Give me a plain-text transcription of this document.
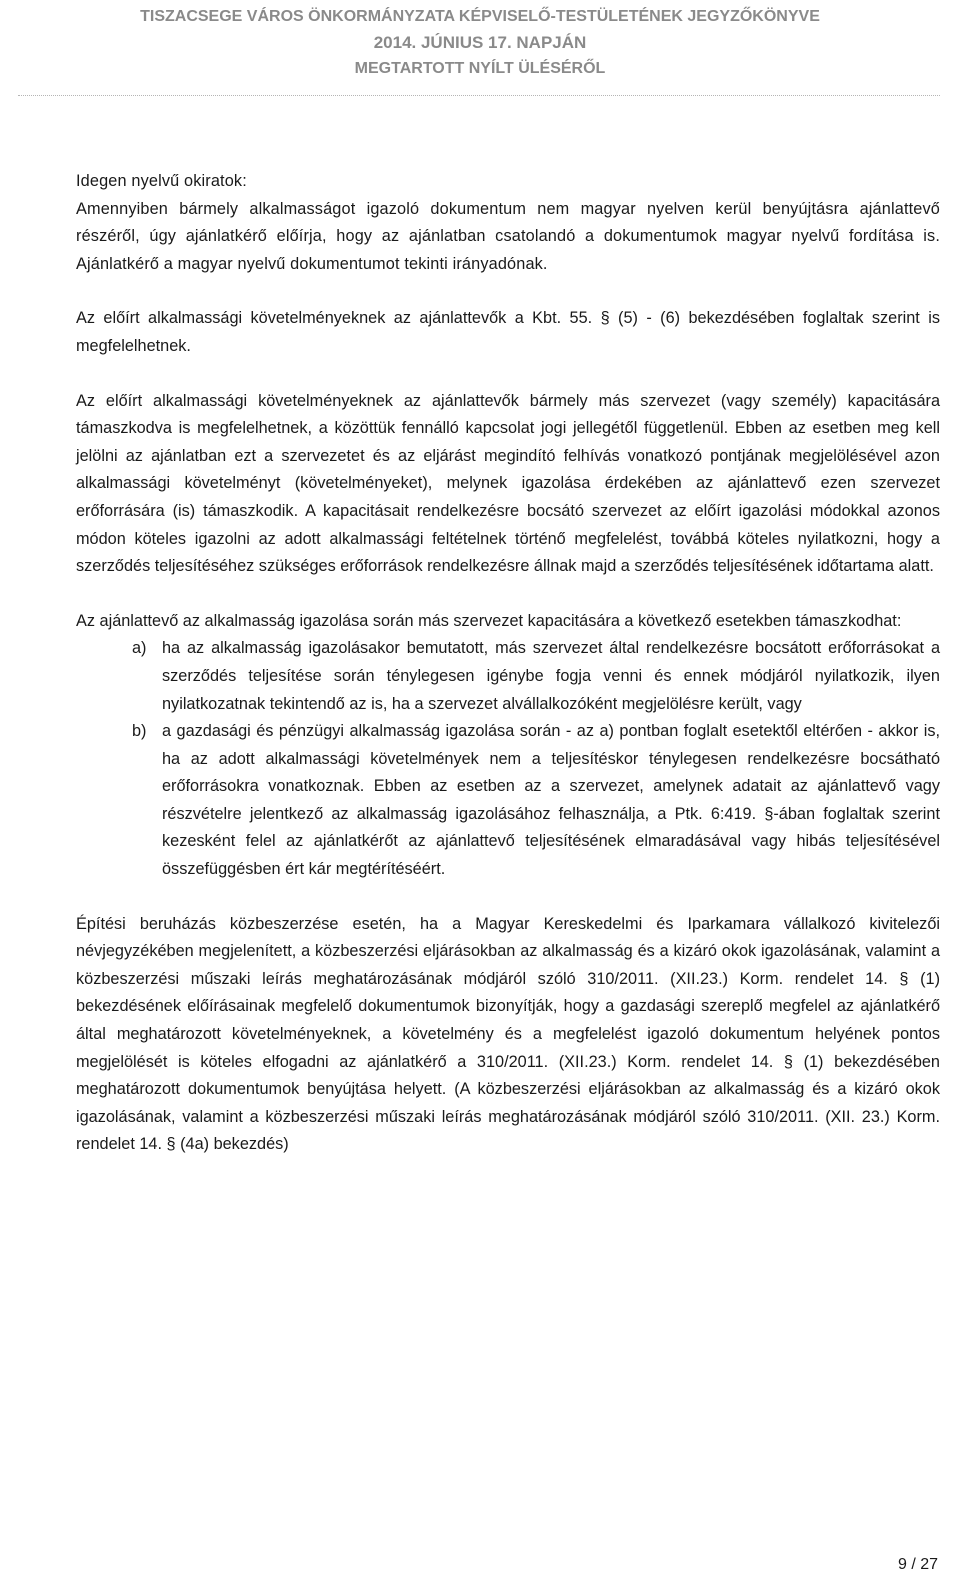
TISZACSEGE VÁROS ÖNKORMÁNYZATA KÉPVISELŐ-TESTÜLETÉNEK JEGYZŐKÖNYVE
2014. JÚNIUS 17. NAPJÁN
MEGTARTOTT NYÍLT ÜLÉSÉRŐL

Idegen nyelvű okiratok:

Amennyiben bármely alkalmasságot igazoló dokumentum nem magyar nyelven kerül benyújtásra ajánlattevő részéről, úgy ajánlatkérő előírja, hogy az ajánlatban csatolandó a dokumentumok magyar nyelvű fordítása is. Ajánlatkérő a magyar nyelvű dokumentumot tekinti irányadónak.

Az előírt alkalmassági követelményeknek az ajánlattevők a Kbt. 55. § (5) - (6) bekezdésében foglaltak szerint is megfelelhetnek.

Az előírt alkalmassági követelményeknek az ajánlattevők bármely más szervezet (vagy személy) kapacitására támaszkodva is megfelelhetnek, a közöttük fennálló kapcsolat jogi jellegétől függetlenül. Ebben az esetben meg kell jelölni az ajánlatban ezt a szervezetet és az eljárást megindító felhívás vonatkozó pontjának megjelölésével azon alkalmassági követelményt (követelményeket), melynek igazolása érdekében az ajánlattevő ezen szervezet erőforrására (is) támaszkodik. A kapacitásait rendelkezésre bocsátó szervezet az előírt igazolási módokkal azonos módon köteles igazolni az adott alkalmassági feltételnek történő megfelelést, továbbá köteles nyilatkozni, hogy a szerződés teljesítéséhez szükséges erőforrások rendelkezésre állnak majd a szerződés teljesítésének időtartama alatt.

Az ajánlattevő az alkalmasság igazolása során más szervezet kapacitására a következő esetekben támaszkodhat:

a) ha az alkalmasság igazolásakor bemutatott, más szervezet által rendelkezésre bocsátott erőforrásokat a szerződés teljesítése során ténylegesen igénybe fogja venni és ennek módjáról nyilatkozik, ilyen nyilatkozatnak tekintendő az is, ha a szervezet alvállalkozóként megjelölésre került, vagy
b) a gazdasági és pénzügyi alkalmasság igazolása során - az a) pontban foglalt esetektől eltérően - akkor is, ha az adott alkalmassági követelmények nem a teljesítéskor ténylegesen rendelkezésre bocsátható erőforrásokra vonatkoznak. Ebben az esetben az a szervezet, amelynek adatait az ajánlattevő vagy részvételre jelentkező az alkalmasság igazolásához felhasználja, a Ptk. 6:419. §-ában foglaltak szerint kezesként felel az ajánlatkérőt az ajánlattevő teljesítésének elmaradásával vagy hibás teljesítésével összefüggésben ért kár megtérítéséért.

Építési beruházás közbeszerzése esetén, ha a Magyar Kereskedelmi és Iparkamara vállalkozó kivitelezői névjegyzékében megjelenített, a közbeszerzési eljárásokban az alkalmasság és a kizáró okok igazolásának, valamint a közbeszerzési műszaki leírás meghatározásának módjáról szóló 310/2011. (XII.23.) Korm. rendelet 14. § (1) bekezdésének előírásainak megfelelő dokumentumok bizonyítják, hogy a gazdasági szereplő megfelel az ajánlatkérő által meghatározott követelményeknek, a követelmény és a megfelelést igazoló dokumentum helyének pontos megjelölését is köteles elfogadni az ajánlatkérő a 310/2011. (XII.23.) Korm. rendelet 14. § (1) bekezdésében meghatározott dokumentumok benyújtása helyett. (A közbeszerzési eljárásokban az alkalmasság és a kizáró okok igazolásának, valamint a közbeszerzési műszaki leírás meghatározásának módjáról szóló 310/2011. (XII. 23.) Korm. rendelet 14. § (4a) bekezdés)

9 / 27
